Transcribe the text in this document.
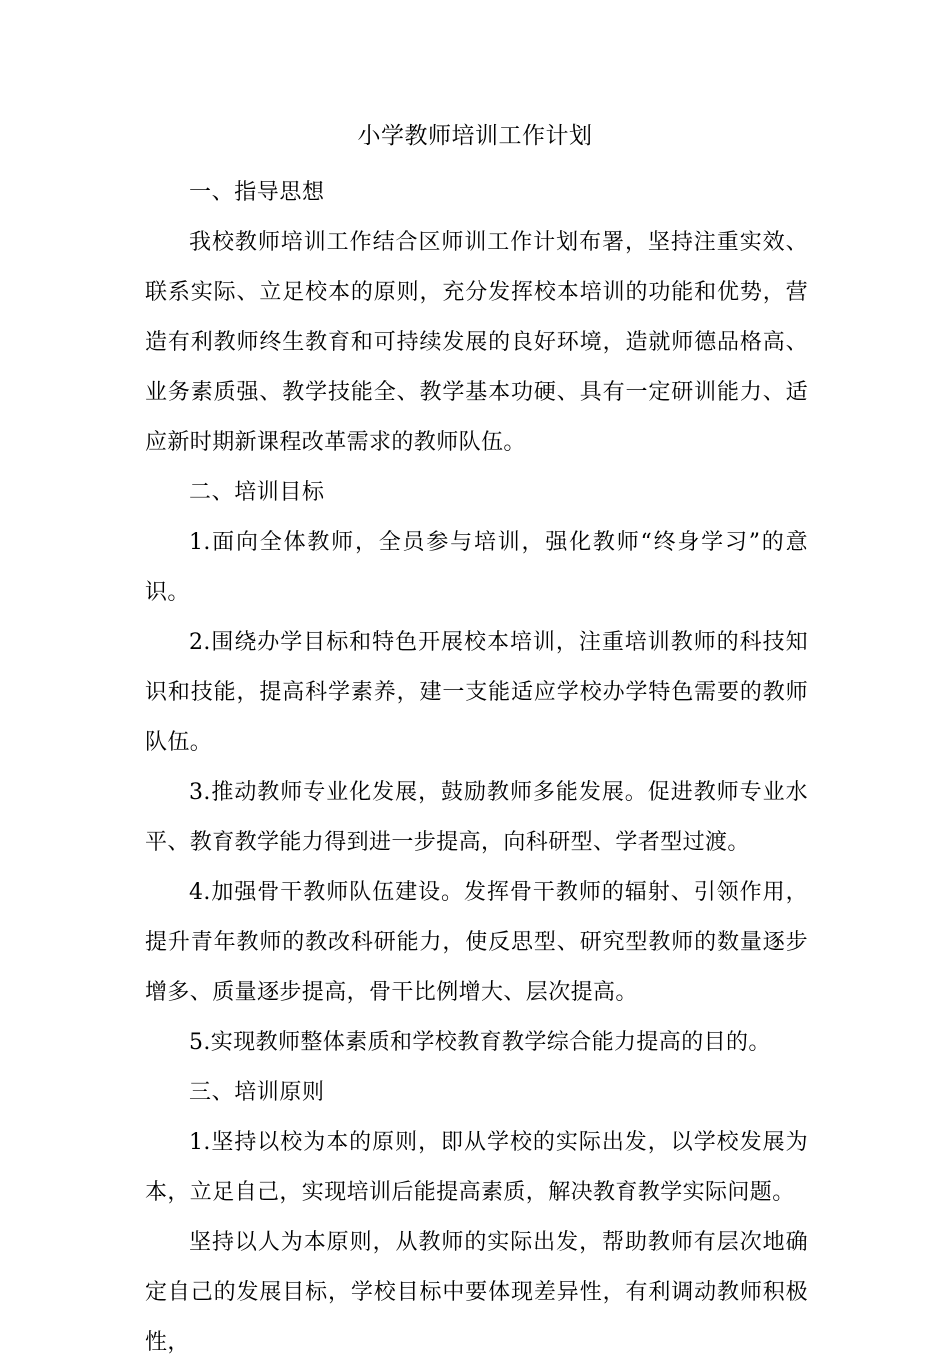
小学教师培训工作计划

一、指导思想

我校教师培训工作结合区师训工作计划布署，坚持注重实效、联系实际、立足校本的原则，充分发挥校本培训的功能和优势，营造有利教师终生教育和可持续发展的良好环境，造就师德品格高、业务素质强、教学技能全、教学基本功硬、具有一定研训能力、适应新时期新课程改革需求的教师队伍。

二、培训目标

1.面向全体教师，全员参与培训，强化教师“终身学习”的意识。

2.围绕办学目标和特色开展校本培训，注重培训教师的科技知识和技能，提高科学素养，建一支能适应学校办学特色需要的教师队伍。

3.推动教师专业化发展，鼓励教师多能发展。促进教师专业水平、教育教学能力得到进一步提高，向科研型、学者型过渡。

4.加强骨干教师队伍建设。发挥骨干教师的辐射、引领作用，提升青年教师的教改科研能力，使反思型、研究型教师的数量逐步增多、质量逐步提高，骨干比例增大、层次提高。

5.实现教师整体素质和学校教育教学综合能力提高的目的。

三、培训原则

1.坚持以校为本的原则，即从学校的实际出发，以学校发展为本，立足自己，实现培训后能提高素质，解决教育教学实际问题。

坚持以人为本原则，从教师的实际出发，帮助教师有层次地确定自己的发展目标，学校目标中要体现差异性，有利调动教师积极性，
